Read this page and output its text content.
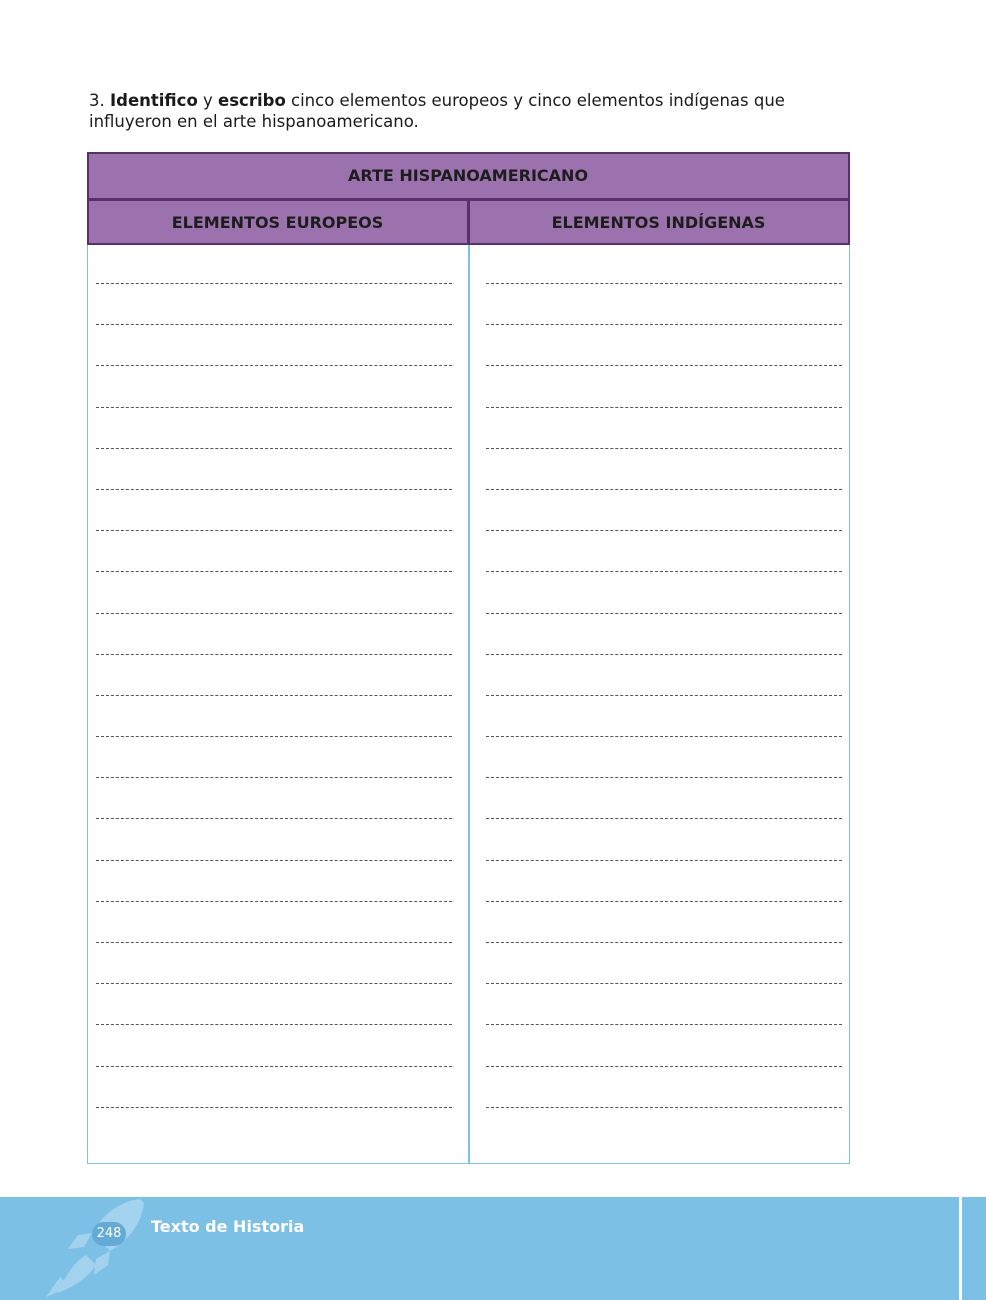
3. Identifico y escribo cinco elementos europeos y cinco elementos indígenas que influyeron en el arte hispanoamericano.
ARTE HISPANOAMERICANO
ELEMENTOS EUROPEOS	ELEMENTOS INDÍGENAS
248 Texto de Historia
